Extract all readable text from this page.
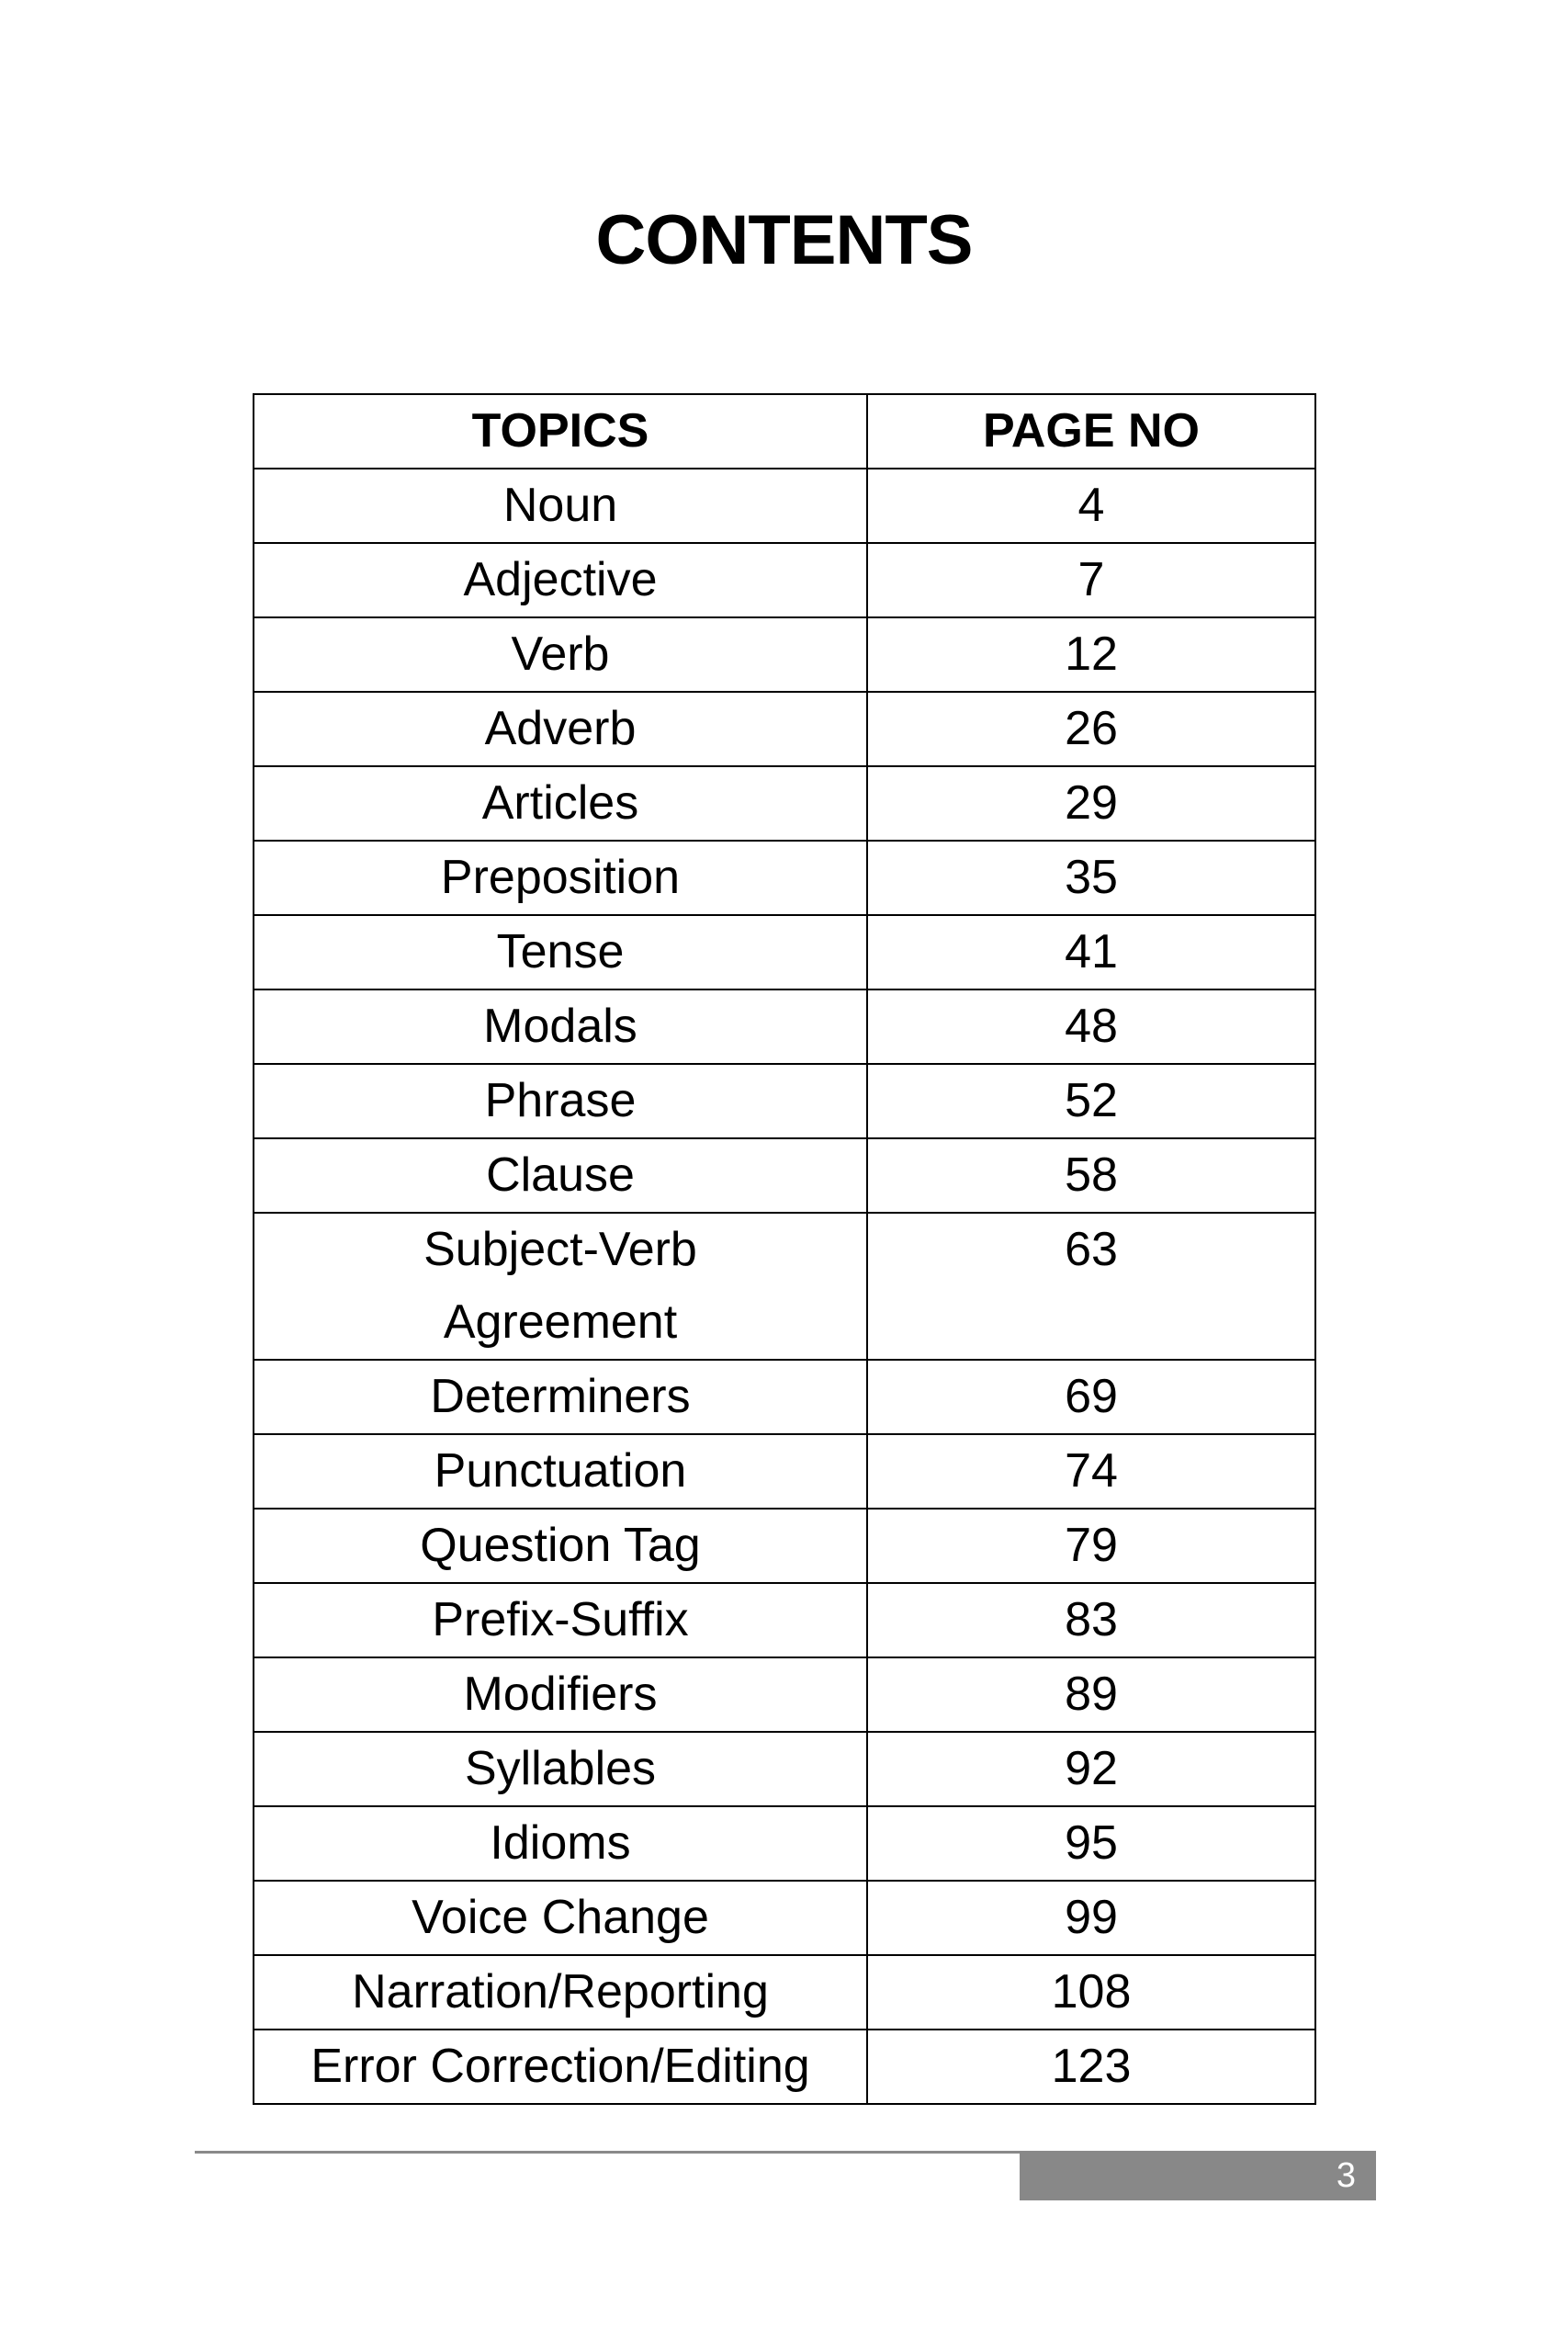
CONTENTS
TOPICS	PAGE NO
Noun	4
Adjective	7
Verb	12
Adverb	26
Articles	29
Preposition	35
Tense	41
Modals	48
Phrase	52
Clause	58
Subject-Verb Agreement	63
Determiners	69
Punctuation	74
Question Tag	79
Prefix-Suffix	83
Modifiers	89
Syllables	92
Idioms	95
Voice Change	99
Narration/Reporting	108
Error Correction/Editing	123
3
